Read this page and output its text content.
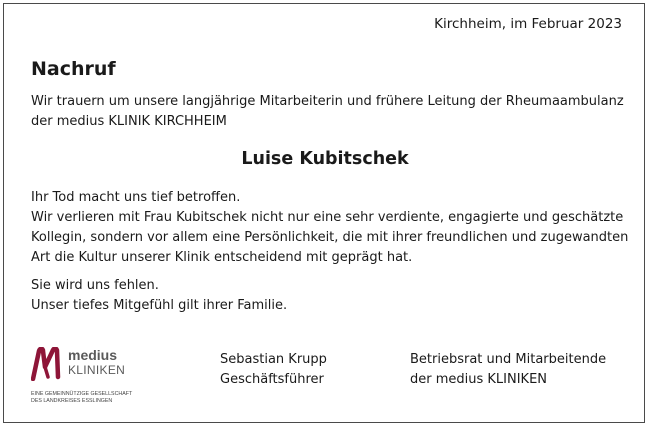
Kirchheim, im Februar 2023
Nachruf
Wir trauern um unsere langjährige Mitarbeiterin und frühere Leitung der Rheumaambulanz
der medius KLINIK KIRCHHEIM
Luise Kubitschek
Ihr Tod macht uns tief betroffen.
Wir verlieren mit Frau Kubitschek nicht nur eine sehr verdiente, engagierte und geschätzte
Kollegin, sondern vor allem eine Persönlichkeit, die mit ihrer freundlichen und zugewandten
Art die Kultur unserer Klinik entscheidend mit geprägt hat.
Sie wird uns fehlen.
Unser tiefes Mitgefühl gilt ihrer Familie.
medius
KLINIKEN
EINE GEMEINNÜTZIGE GESELLSCHAFT
DES LANDKREISES ESSLINGEN
Sebastian Krupp
Geschäftsführer
Betriebsrat und Mitarbeitende
der medius KLINIKEN
